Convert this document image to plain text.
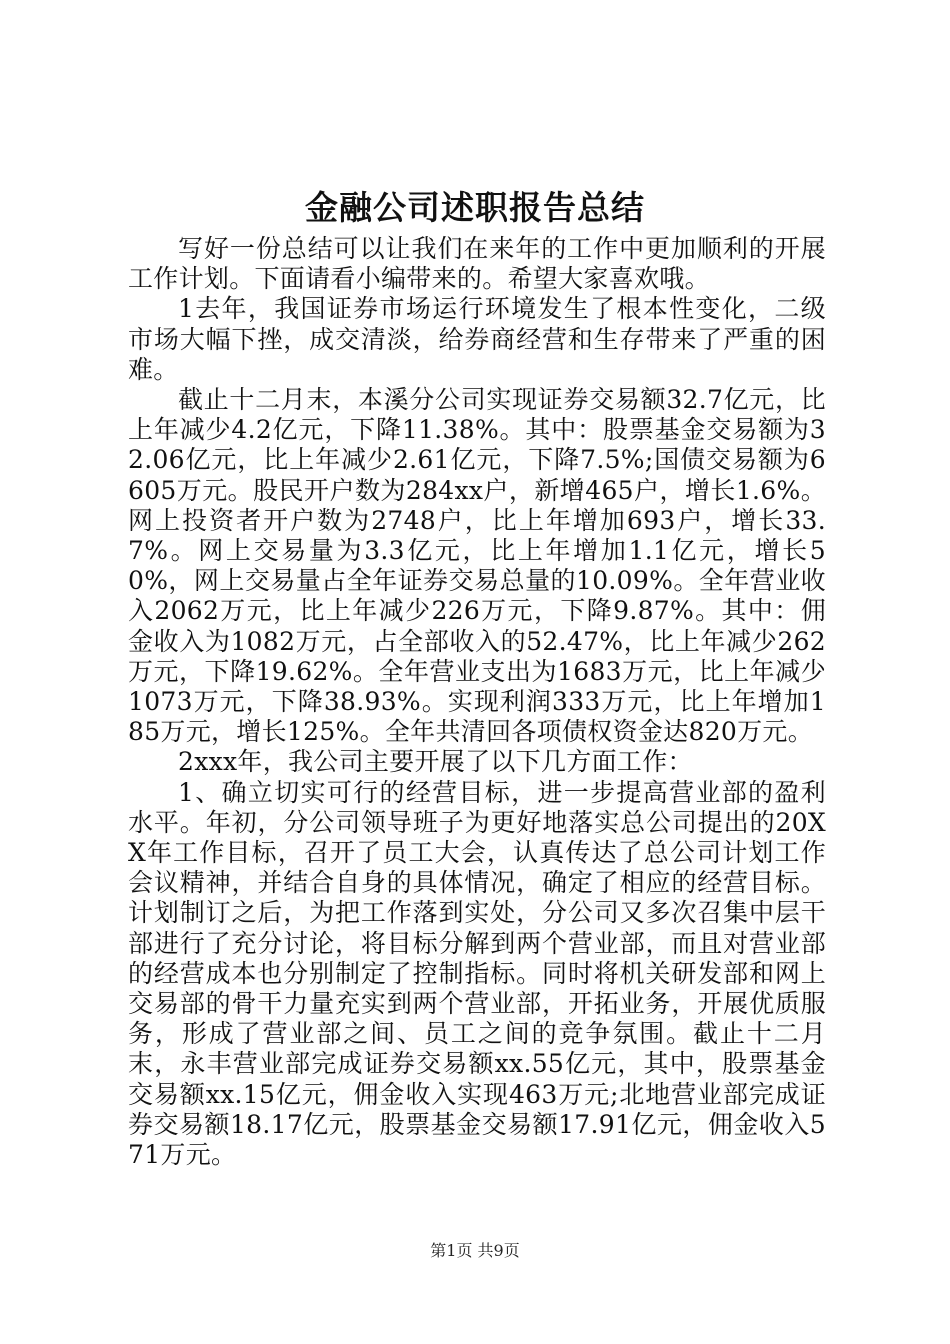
金融公司述职报告总结

写好一份总结可以让我们在来年的工作中更加顺利的开展工作计划。下面请看小编带来的。希望大家喜欢哦。

1去年，我国证券市场运行环境发生了根本性变化，二级市场大幅下挫，成交清淡，给券商经营和生存带来了严重的困难。

截止十二月末，本溪分公司实现证券交易额32.7亿元，比上年减少4.2亿元，下降11.38%。其中：股票基金交易额为32.06亿元，比上年减少2.61亿元，下降7.5%;国债交易额为6605万元。股民开户数为284xx户，新增465户，增长1.6%。网上投资者开户数为2748户，比上年增加693户，增长33.7%。网上交易量为3.3亿元，比上年增加1.1亿元，增长50%，网上交易量占全年证券交易总量的10.09%。全年营业收入2062万元，比上年减少226万元，下降9.87%。其中：佣金收入为1082万元，占全部收入的52.47%，比上年减少262万元，下降19.62%。全年营业支出为1683万元，比上年减少1073万元，下降38.93%。实现利润333万元，比上年增加185万元，增长125%。全年共清回各项债权资金达820万元。

2xxx年，我公司主要开展了以下几方面工作：

1、确立切实可行的经营目标，进一步提高营业部的盈利水平。年初，分公司领导班子为更好地落实总公司提出的20XX年工作目标，召开了员工大会，认真传达了总公司计划工作会议精神，并结合自身的具体情况，确定了相应的经营目标。计划制订之后，为把工作落到实处，分公司又多次召集中层干部进行了充分讨论，将目标分解到两个营业部，而且对营业部的经营成本也分别制定了控制指标。同时将机关研发部和网上交易部的骨干力量充实到两个营业部，开拓业务，开展优质服务，形成了营业部之间、员工之间的竞争氛围。截止十二月末，永丰营业部完成证券交易额xx.55亿元，其中，股票基金交易额xx.15亿元，佣金收入实现463万元;北地营业部完成证券交易额18.17亿元，股票基金交易额17.91亿元，佣金收入571万元。

第1页 共9页
